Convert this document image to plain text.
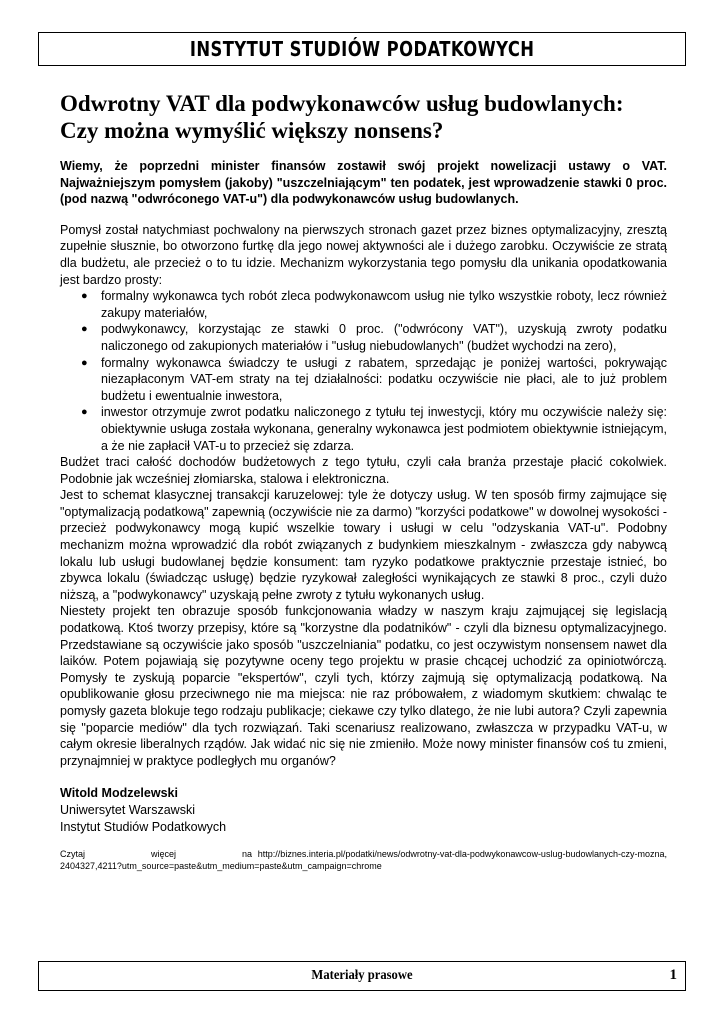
INSTYTUT STUDIÓW PODATKOWYCH
Odwrotny VAT dla podwykonawców usług budowlanych:
Czy można wymyślić większy nonsens?

Wiemy, że poprzedni minister finansów zostawił swój projekt nowelizacji ustawy o VAT. Najważniejszym pomysłem (jakoby) "uszczelniającym" ten podatek, jest wprowadzenie stawki 0 proc. (pod nazwą "odwróconego VAT-u") dla podwykonawców usług budowlanych.

Pomysł został natychmiast pochwalony na pierwszych stronach gazet przez biznes optymalizacyjny, zresztą zupełnie słusznie, bo otworzono furtkę dla jego nowej aktywności ale i dużego zarobku. Oczywiście ze stratą dla budżetu, ale przecież o to tu idzie. Mechanizm wykorzystania tego pomysłu dla unikania opodatkowania jest bardzo prosty:

● formalny wykonawca tych robót zleca podwykonawcom usług nie tylko wszystkie roboty, lecz również zakupy materiałów,
● podwykonawcy, korzystając ze stawki 0 proc. ("odwrócony VAT"), uzyskują zwroty podatku naliczonego od zakupionych materiałów i "usług niebudowlanych" (budżet wychodzi na zero),
● formalny wykonawca świadczy te usługi z rabatem, sprzedając je poniżej wartości, pokrywając niezapłaconym VAT-em straty na tej działalności: podatku oczywiście nie płaci, ale to już problem budżetu i ewentualnie inwestora,
● inwestor otrzymuje zwrot podatku naliczonego z tytułu tej inwestycji, który mu oczywiście należy się: obiektywnie usługa została wykonana, generalny wykonawca jest podmiotem obiektywnie istniejącym, a że nie zapłacił VAT-u to przecież się zdarza.

Budżet traci całość dochodów budżetowych z tego tytułu, czyli cała branża przestaje płacić cokolwiek. Podobnie jak wcześniej złomiarska, stalowa i elektroniczna.

Jest to schemat klasycznej transakcji karuzelowej: tyle że dotyczy usług. W ten sposób firmy zajmujące się "optymalizacją podatkową" zapewnią (oczywiście nie za darmo) "korzyści podatkowe" w dowolnej wysokości - przecież podwykonawcy mogą kupić wszelkie towary i usługi w celu "odzyskania VAT-u". Podobny mechanizm można wprowadzić dla robót związanych z budynkiem mieszkalnym - zwłaszcza gdy nabywcą lokalu lub usługi budowlanej będzie konsument: tam ryzyko podatkowe praktycznie przestaje istnieć, bo zbywca lokalu (świadcząc usługę) będzie ryzykował zaległości wynikających ze stawki 8 proc., czyli dużo niższą, a "podwykonawcy" uzyskają pełne zwroty z tytułu wykonanych usług.

Niestety projekt ten obrazuje sposób funkcjonowania władzy w naszym kraju zajmującej się legislacją podatkową. Ktoś tworzy przepisy, które są "korzystne dla podatników" - czyli dla biznesu optymalizacyjnego. Przedstawiane są oczywiście jako sposób "uszczelniania" podatku, co jest oczywistym nonsensem nawet dla laików. Potem pojawiają się pozytywne oceny tego projektu w prasie chcącej uchodzić za opiniotwórczą. Pomysły te zyskują poparcie "ekspertów", czyli tych, którzy zajmują się optymalizacją podatkową. Na opublikowanie głosu przeciwnego nie ma miejsca: nie raz próbowałem, z wiadomym skutkiem: chwaląc te pomysły gazeta blokuje tego rodzaju publikacje; ciekawe czy tylko dlatego, że nie lubi autora? Czyli zapewnia się "poparcie mediów" dla tych rozwiązań. Taki scenariusz realizowano, zwłaszcza w przypadku VAT-u, w całym okresie liberalnych rządów. Jak widać nic się nie zmieniło. Może nowy minister finansów coś tu zmieni, przynajmniej w praktyce podległych mu organów?

Witold Modzelewski
Uniwersytet Warszawski
Instytut Studiów Podatkowych
Czytaj więcej na http://biznes.interia.pl/podatki/news/odwrotny-vat-dla-podwykonawcow-uslug-budowlanych-czy-mozna,2404327,4211?utm_source=paste&utm_medium=paste&utm_campaign=chrome
Materiały prasowe	1
